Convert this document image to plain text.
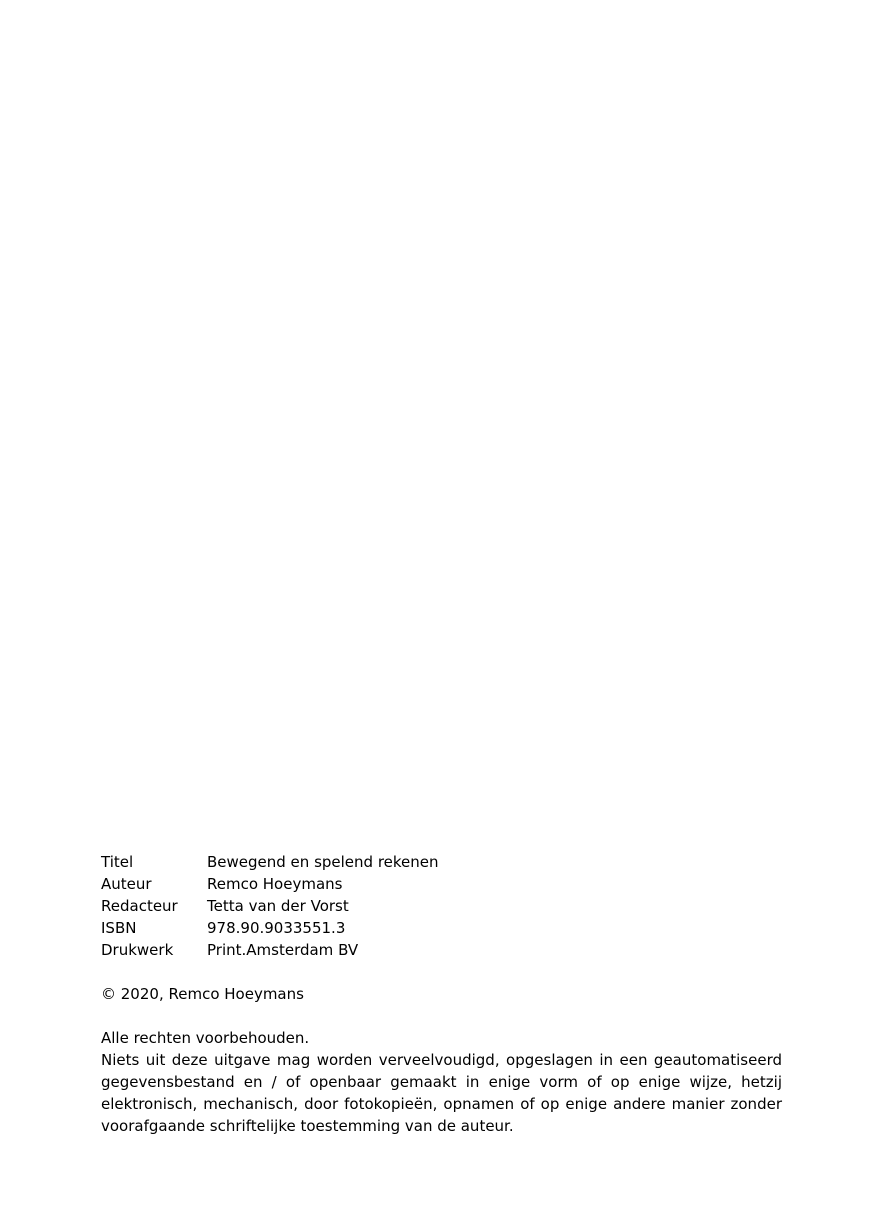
Titel	Bewegend en spelend rekenen
Auteur	Remco Hoeymans
Redacteur	Tetta van der Vorst
ISBN	978.90.9033551.3
Drukwerk	Print.Amsterdam BV
© 2020, Remco Hoeymans
Alle rechten voorbehouden.

Niets uit deze uitgave mag worden verveelvoudigd, opgeslagen in een geautomatiseerd gegevensbestand en / of openbaar gemaakt in enige vorm of op enige wijze, hetzij elektronisch, mechanisch, door fotokopieën, opnamen of op enige andere manier zonder voorafgaande schriftelijke toestemming van de auteur.
